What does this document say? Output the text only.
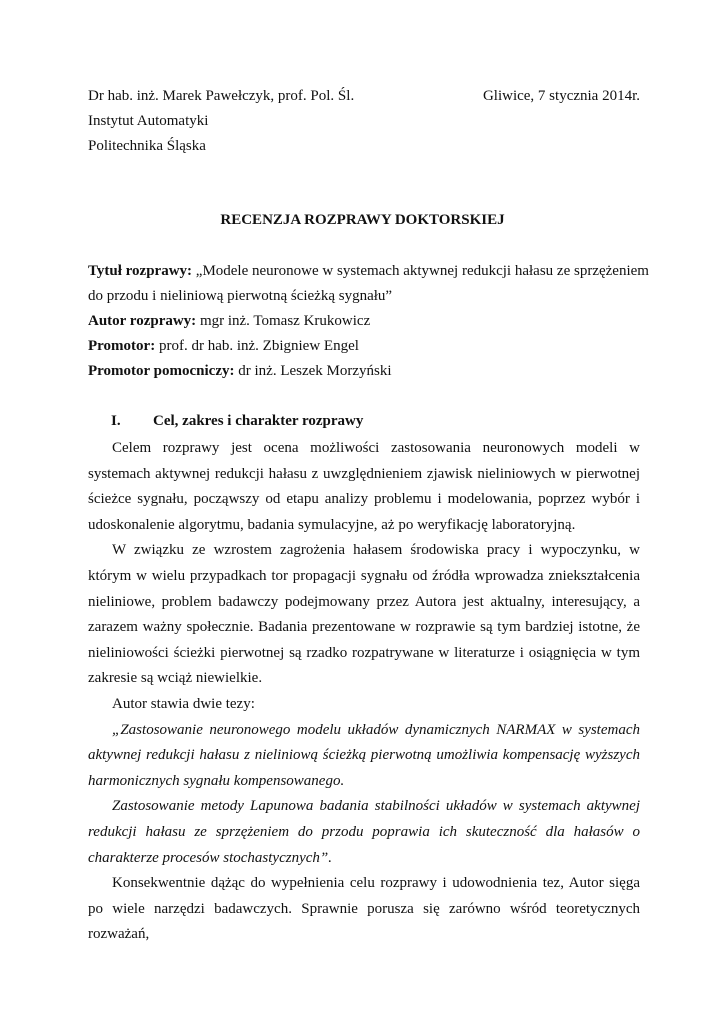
Dr hab. inż. Marek Pawełczyk, prof. Pol. Śl.	Gliwice, 7 stycznia 2014r.
Instytut Automatyki
Politechnika Śląska
RECENZJA ROZPRAWY DOKTORSKIEJ
Tytuł rozprawy: „Modele neuronowe w systemach aktywnej redukcji hałasu ze sprzężeniem
do przodu i nieliniową pierwotną ścieżką sygnału”
Autor rozprawy: mgr inż. Tomasz Krukowicz
Promotor: prof. dr hab. inż. Zbigniew Engel
Promotor pomocniczy: dr inż. Leszek Morzyński
I. Cel, zakres i charakter rozprawy

Celem rozprawy jest ocena możliwości zastosowania neuronowych modeli w systemach aktywnej redukcji hałasu z uwzględnieniem zjawisk nieliniowych w pierwotnej ścieżce sygnału, począwszy od etapu analizy problemu i modelowania, poprzez wybór i udoskonalenie algorytmu, badania symulacyjne, aż po weryfikację laboratoryjną.

W związku ze wzrostem zagrożenia hałasem środowiska pracy i wypoczynku, w którym w wielu przypadkach tor propagacji sygnału od źródła wprowadza zniekształcenia nieliniowe, problem badawczy podejmowany przez Autora jest aktualny, interesujący, a zarazem ważny społecznie. Badania prezentowane w rozprawie są tym bardziej istotne, że nieliniowości ścieżki pierwotnej są rzadko rozpatrywane w literaturze i osiągnięcia w tym zakresie są wciąż niewielkie.

Autor stawia dwie tezy:

„Zastosowanie neuronowego modelu układów dynamicznych NARMAX w systemach aktywnej redukcji hałasu z nieliniową ścieżką pierwotną umożliwia kompensację wyższych harmonicznych sygnału kompensowanego.

Zastosowanie metody Lapunowa badania stabilności układów w systemach aktywnej redukcji hałasu ze sprzężeniem do przodu poprawia ich skuteczność dla hałasów o charakterze procesów stochastycznych”.

Konsekwentnie dążąc do wypełnienia celu rozprawy i udowodnienia tez, Autor sięga po wiele narzędzi badawczych. Sprawnie porusza się zarówno wśród teoretycznych rozważań,
